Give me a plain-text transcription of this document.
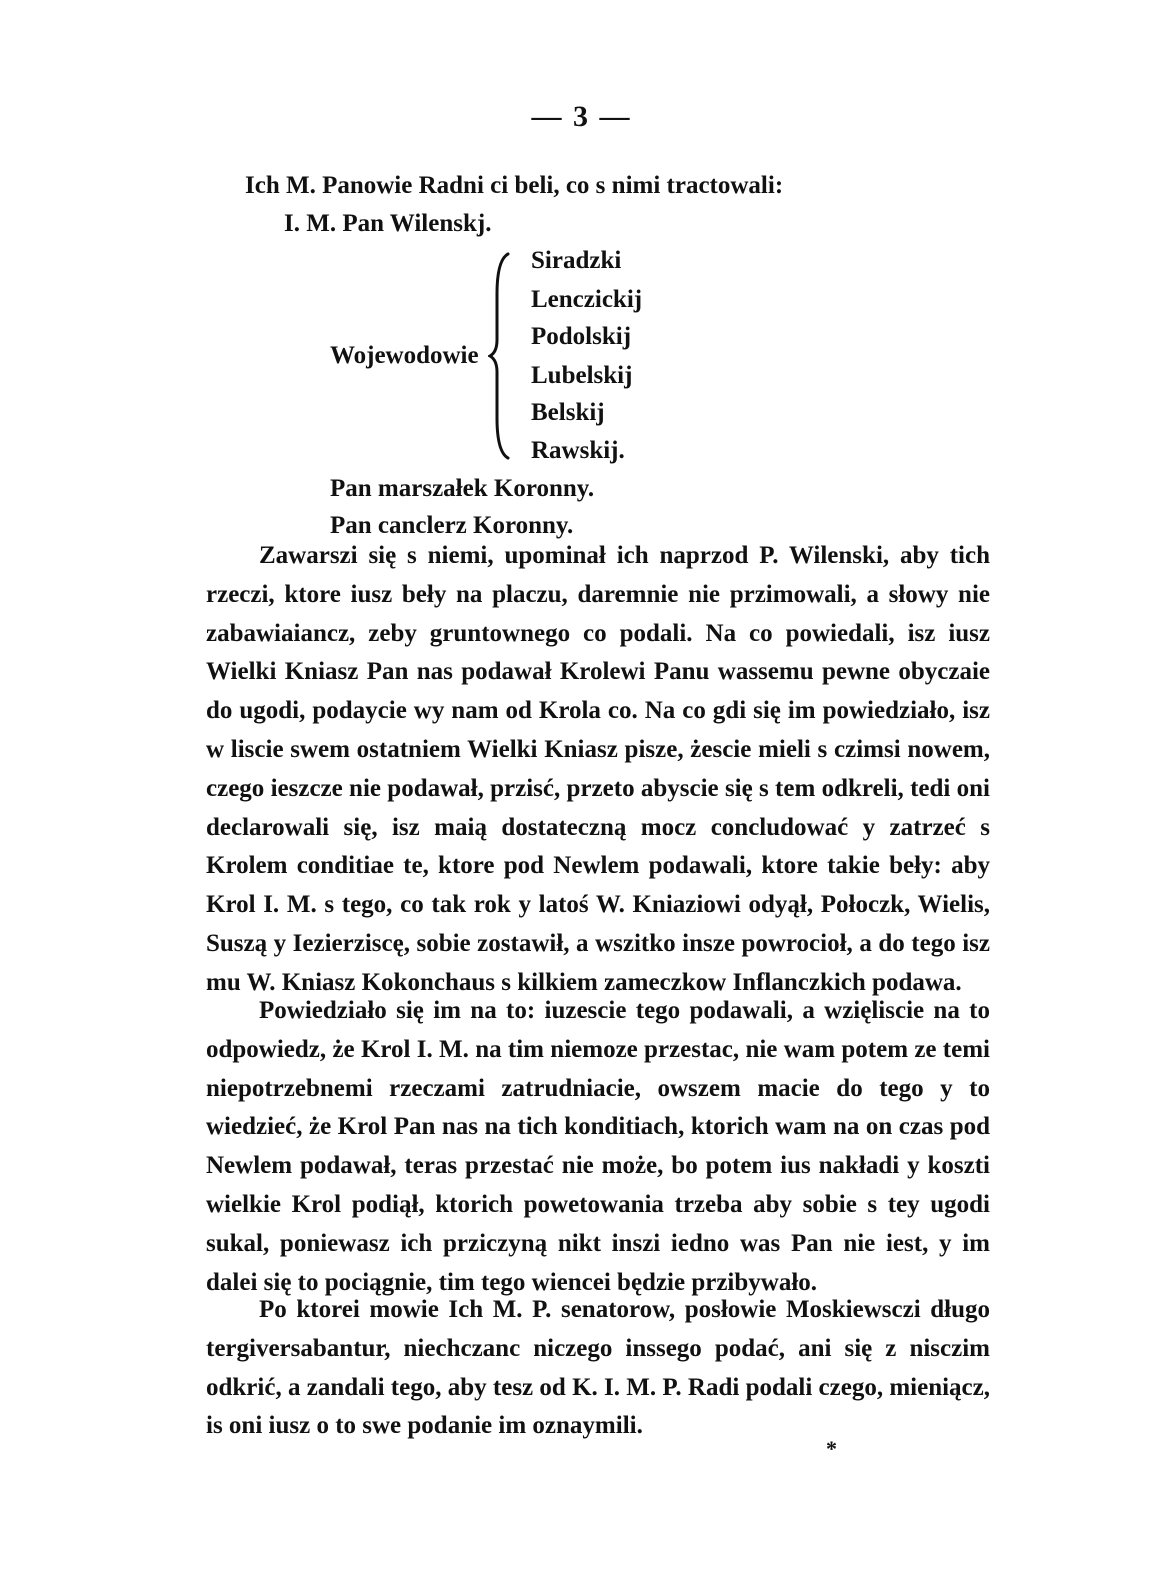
— 3 —
Ich M. Panowie Radni ci beli, co s nimi tractowali:
I. M. Pan Wilenskj.
Wojewodowie
Siradzki
Lenczickij
Podolskij
Lubelskij
Belskij
Rawskij.
Pan marszałek Koronny.
Pan canclerz Koronny.

Zawarszi się s niemi, upominał ich naprzod P. Wilenski, aby tich rzeczi, ktore iusz beły na placzu, daremnie nie przimowali, a słowy nie zabawiaiancz, zeby gruntownego co podali. Na co powiedali, isz iusz Wielki Kniasz Pan nas podawał Krolewi Panu wassemu pewne obyczaie do ugodi, podaycie wy nam od Krola co. Na co gdi się im powiedziało, isz w liscie swem ostatniem Wielki Kniasz pisze, żescie mieli s czimsi nowem, czego ieszcze nie podawał, przisć, przeto abyscie się s tem odkreli, tedi oni declarowali się, isz maią dostateczną mocz concludować y zatrzeć s Krolem conditiae te, ktore pod Newlem podawali, ktore takie beły: aby Krol I. M. s tego, co tak rok y latoś W. Kniaziowi odyął, Połoczk, Wielis, Suszą y Iezierziscę, sobie zostawił, a wszitko insze powrocioł, a do tego isz mu W. Kniasz Kokonchaus s kilkiem zameczkow Inflanczkich podawa.

Powiedziało się im na to: iuzescie tego podawali, a wzięliscie na to odpowiedz, że Krol I. M. na tim niemoze przestac, nie wam potem ze temi niepotrzebnemi rzeczami zatrudniacie, owszem macie do tego y to wiedzieć, że Krol Pan nas na tich konditiach, ktorich wam na on czas pod Newlem podawał, teras przestać nie może, bo potem ius nakładi y koszti wielkie Krol podiął, ktorich powetowania trzeba aby sobie s tey ugodi sukal, poniewasz ich prziczyną nikt inszi iedno was Pan nie iest, y im dalei się to pociągnie, tim tego wiencei będzie przibywało.

Po ktorei mowie Ich M. P. senatorow, posłowie Moskiewsczi długo tergiversabantur, niechczanc niczego inssego podać, ani się z nisczim odkrić, a zandali tego, aby tesz od K. I. M. P. Radi podali czego, mieniącz, is oni iusz o to swe podanie im oznaymili.

*
